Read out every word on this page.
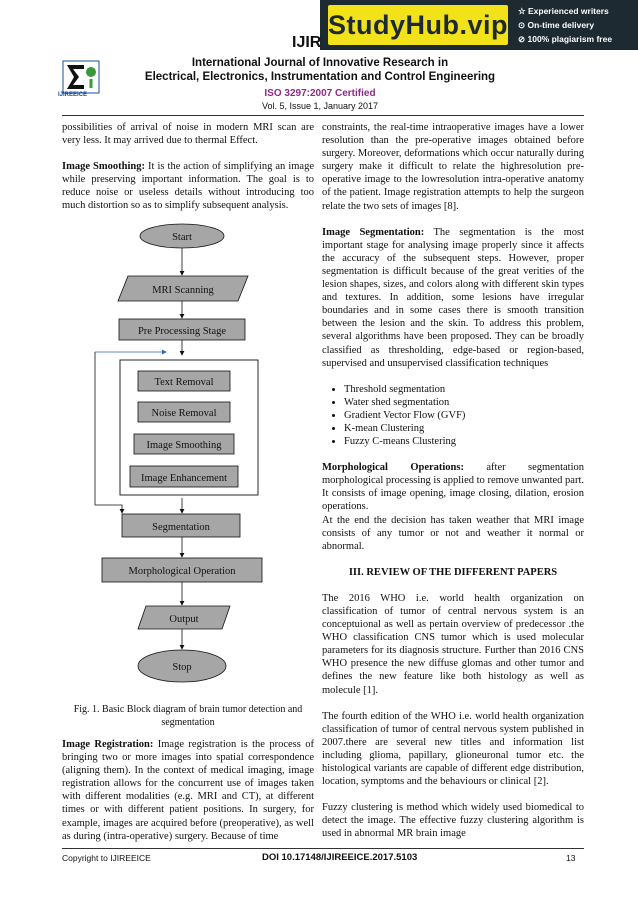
StudyHub.vip ☆ Experienced writers
⊙ On-time delivery
⊘ 100% plagiarism free
IJIREEICE
IJIR
International Journal of Innovative Research in
Electrical, Electronics, Instrumentation and Control Engineering
ISO 3297:2007 Certified
Vol. 5, Issue 1, January 2017

possibilities of arrival of noise in modern MRI scan are very less. It may arrived due to thermal Effect.

Image Smoothing: It is the action of simplifying an image while preserving important information. The goal is to reduce noise or useless details without introducing too much distortion so as to simplify subsequent analysis.

Start
MRI Scanning
Pre Processing Stage
Text Removal
Noise Removal
Image Smoothing
Image Enhancement
Segmentation
Morphological Operation
Output
Stop
Fig. 1. Basic Block diagram of brain tumor detection and segmentation

Image Registration: Image registration is the process of bringing two or more images into spatial correspondence (aligning them). In the context of medical imaging, image registration allows for the concurrent use of images taken with different modalities (e.g. MRI and CT), at different times or with different patient positions. In surgery, for example, images are acquired before (preoperative), as well as during (intra-operative) surgery. Because of time

constraints, the real-time intraoperative images have a lower resolution than the pre-operative images obtained before surgery. Moreover, deformations which occur naturally during surgery make it difficult to relate the highresolution pre-operative image to the lowresolution intra-operative anatomy of the patient. Image registration attempts to help the surgeon relate the two sets of images [8].

Image Segmentation: The segmentation is the most important stage for analysing image properly since it affects the accuracy of the subsequent steps. However, proper segmentation is difficult because of the great verities of the lesion shapes, sizes, and colors along with different skin types and textures. In addition, some lesions have irregular boundaries and in some cases there is smooth transition between the lesion and the skin. To address this problem, several algorithms have been proposed. They can be broadly classified as thresholding, edge-based or region-based, supervised and unsupervised classification techniques

• Threshold segmentation
• Water shed segmentation
• Gradient Vector Flow (GVF)
• K-mean Clustering
• Fuzzy C-means Clustering

Morphological Operations: after segmentation morphological processing is applied to remove unwanted part. It consists of image opening, image closing, dilation, erosion operations.

At the end the decision has taken weather that MRI image consists of any tumor or not and weather it normal or abnormal.

III. REVIEW OF THE DIFFERENT PAPERS

The 2016 WHO i.e. world health organization on classification of tumor of central nervous system is an conceptuional as well as pertain overview of predecessor .the WHO classification CNS tumor which is used molecular parameters for its diagnosis structure. Further than 2016 CNS WHO presence the new diffuse glomas and other tumor and defines the new feature like both histology as well as molecule [1].

The fourth edition of the WHO i.e. world health organization classification of tumor of central nervous system published in 2007.there are several new titles and information list including glioma, papillary, glioneuronal tumor etc. the histological variants are capable of different edge distribution, location, symptoms and the behaviours or clinical [2].

Fuzzy clustering is method which widely used biomedical to detect the image. The effective fuzzy clustering algorithm is used in abnormal MR brain image

Copyright to IJIREEICE	DOI 10.17148/IJIREEICE.2017.5103	13
